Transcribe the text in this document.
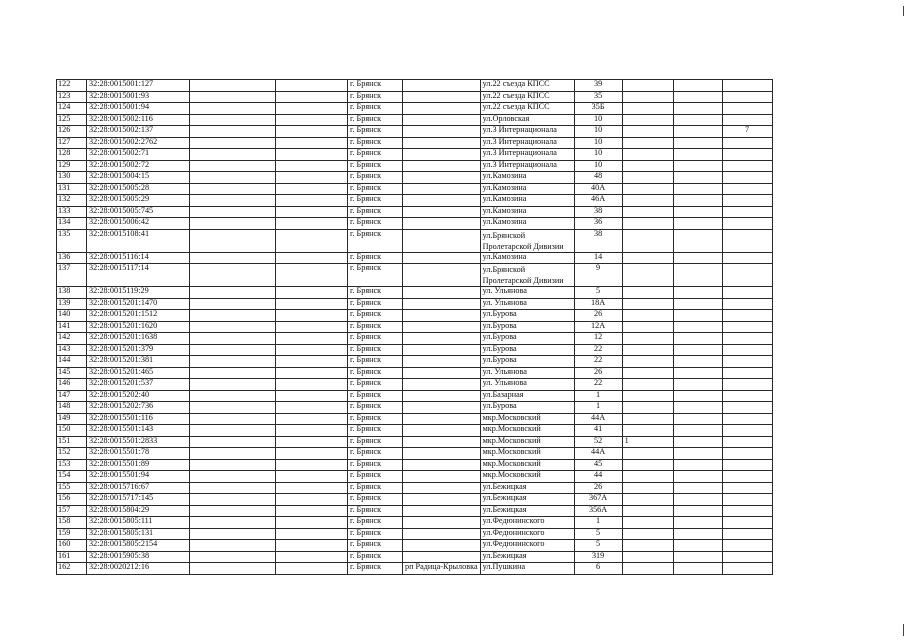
122	32:28:0015001:127			г. Брянск		ул.22 съезда КПСС	39			
123	32:28:0015001:93			г. Брянск		ул.22 съезда КПСС	35			
124	32:28:0015001:94			г. Брянск		ул.22 съезда КПСС	35Б			
125	32:28:0015002:116			г. Брянск		ул.Орловская	10			
126	32:28:0015002:137			г. Брянск		ул.3 Интернационала	10			7
127	32:28:0015002:2762			г. Брянск		ул.3 Интернационала	10			
128	32:28:0015002:71			г. Брянск		ул.3 Интернационала	10			
129	32:28:0015002:72			г. Брянск		ул.3 Интернационала	10			
130	32:28:0015004:15			г. Брянск		ул.Камозина	48			
131	32:28:0015005:28			г. Брянск		ул.Камозина	40А			
132	32:28:0015005:29			г. Брянск		ул.Камозина	46А			
133	32:28:0015005:745			г. Брянск		ул.Камозина	38			
134	32:28:0015006:42			г. Брянск		ул.Камозина	36			
135	32:28:0015108:41			г. Брянск		ул.Брянской Пролетарской Дивизии	38			
136	32:28:0015116:14			г. Брянск		ул.Камозина	14			
137	32:28:0015117:14			г. Брянск		ул.Брянской Пролетарской Дивизии	9			
138	32:28:0015119:29			г. Брянск		ул. Ульянова	5			
139	32:28:0015201:1470			г. Брянск		ул. Ульянова	18А			
140	32:28:0015201:1512			г. Брянск		ул.Бурова	26			
141	32:28:0015201:1620			г. Брянск		ул.Бурова	12А			
142	32:28:0015201:1638			г. Брянск		ул.Бурова	12			
143	32:28:0015201:379			г. Брянск		ул.Бурова	22			
144	32:28:0015201:381			г. Брянск		ул.Бурова	22			
145	32:28:0015201:465			г. Брянск		ул. Ульянова	26			
146	32:28:0015201:537			г. Брянск		ул. Ульянова	22			
147	32:28:0015202:40			г. Брянск		ул.Базарная	1			
148	32:28:0015202:736			г. Брянск		ул.Бурова	1			
149	32:28:0015501:116			г. Брянск		мкр.Московский	44А			
150	32:28:0015501:143			г. Брянск		мкр.Московский	41			
151	32:28:0015501:2833			г. Брянск		мкр.Московский	52	1		
152	32:28:0015501:78			г. Брянск		мкр.Московский	44А			
153	32:28:0015501:89			г. Брянск		мкр.Московский	45			
154	32:28:0015501:94			г. Брянск		мкр.Московский	44			
155	32:28:0015716:67			г. Брянск		ул.Бежицкая	26			
156	32:28:0015717:145			г. Брянск		ул.Бежицкая	367А			
157	32:28:0015804:29			г. Брянск		ул.Бежицкая	356А			
158	32:28:0015805:111			г. Брянск		ул.Федюнинского	1			
159	32:28:0015805:131			г. Брянск		ул.Федюнинского	5			
160	32:28:0015805:2154			г. Брянск		ул.Федюнинского	5			
161	32:28:0015905:38			г. Брянск		ул.Бежицкая	319			
162	32:28:0020212:16			г. Брянск	рп Радица-Крыловка	ул.Пушкина	6			
